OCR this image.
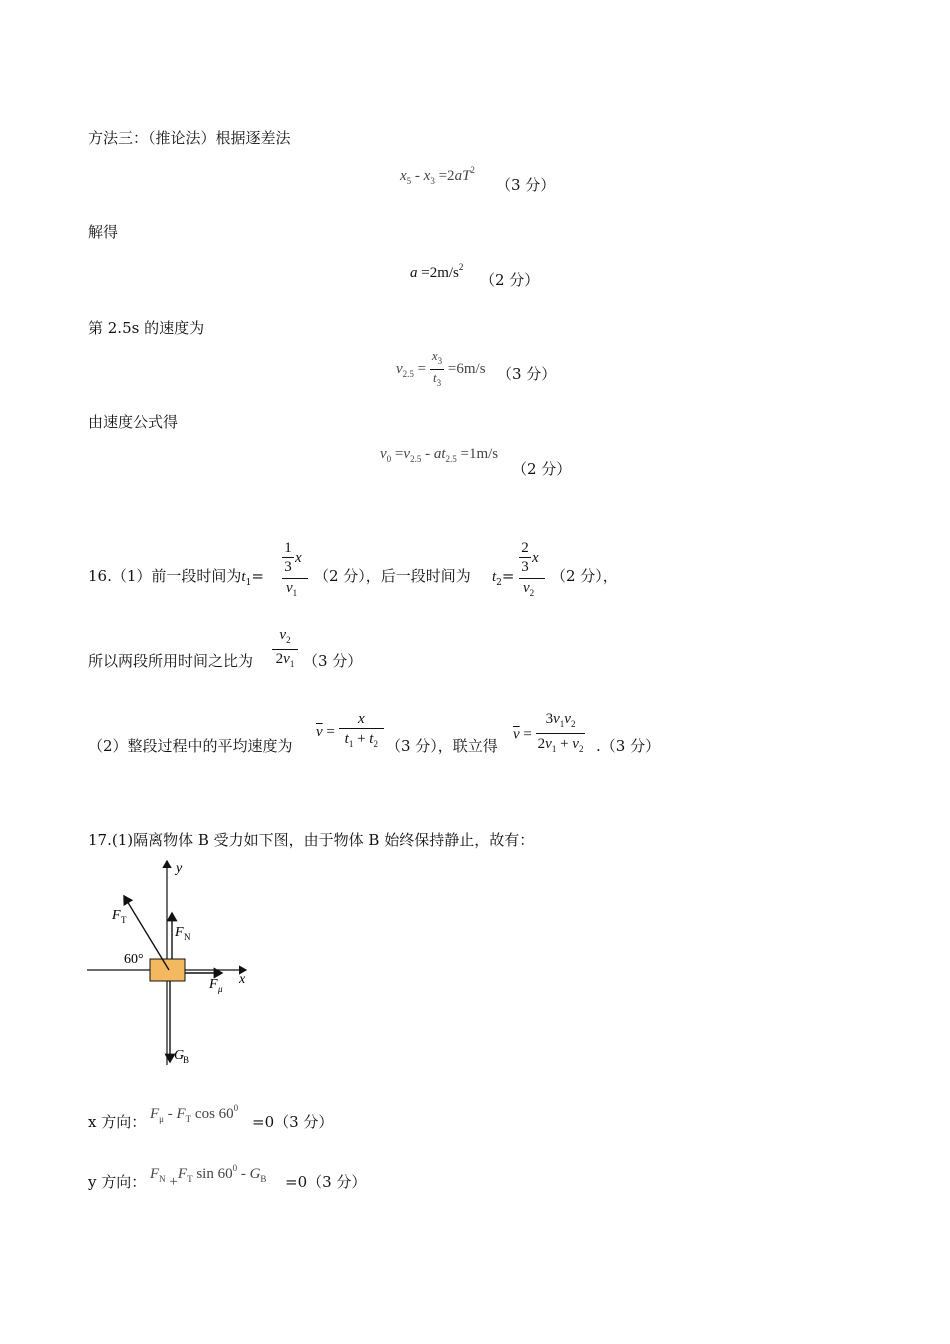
方法三：（推论法）根据逐差法
$x_5 - x_3 =2aT^2$
（3 分）
解得
$a =2m/s^2$
（2 分）
第 2.5s 的速度为
$v_{2.5} = \frac{x_3}{t_3} =6m/s$ （3 分）
由速度公式得
$v_0 =v_{2.5} - at_{2.5} =1m/s$
（2 分）
16.（1）前一段时间为$t_1=$
1
3
x
$v_1$
（2 分），后一段时间为 $t_2=$
2
3
x
$v_2$
（2 分），
所以两段所用时间之比为
$v_2$
$2v_1$ （3 分）
（2）整段过程中的平均速度为
$\overline{v} = \frac{x}{t_1 + t_2} (3$ 分），联立得
$\overline{v} = \frac{3v_1v_2}{2v_1 + v_2} .(3$ 分）
17.(1)隔离物体 B 受力如下图，由于物体 B 始终保持静止，故有：
y
x
F T
F N
60°
F μ
G
B
x 方向： $F_\mu - F_T$ $\cos 60^0$
=0（3 分）
y 方向： $F_N +F_T$ $\sin 60^0 - G_B =0(3$ 分）
